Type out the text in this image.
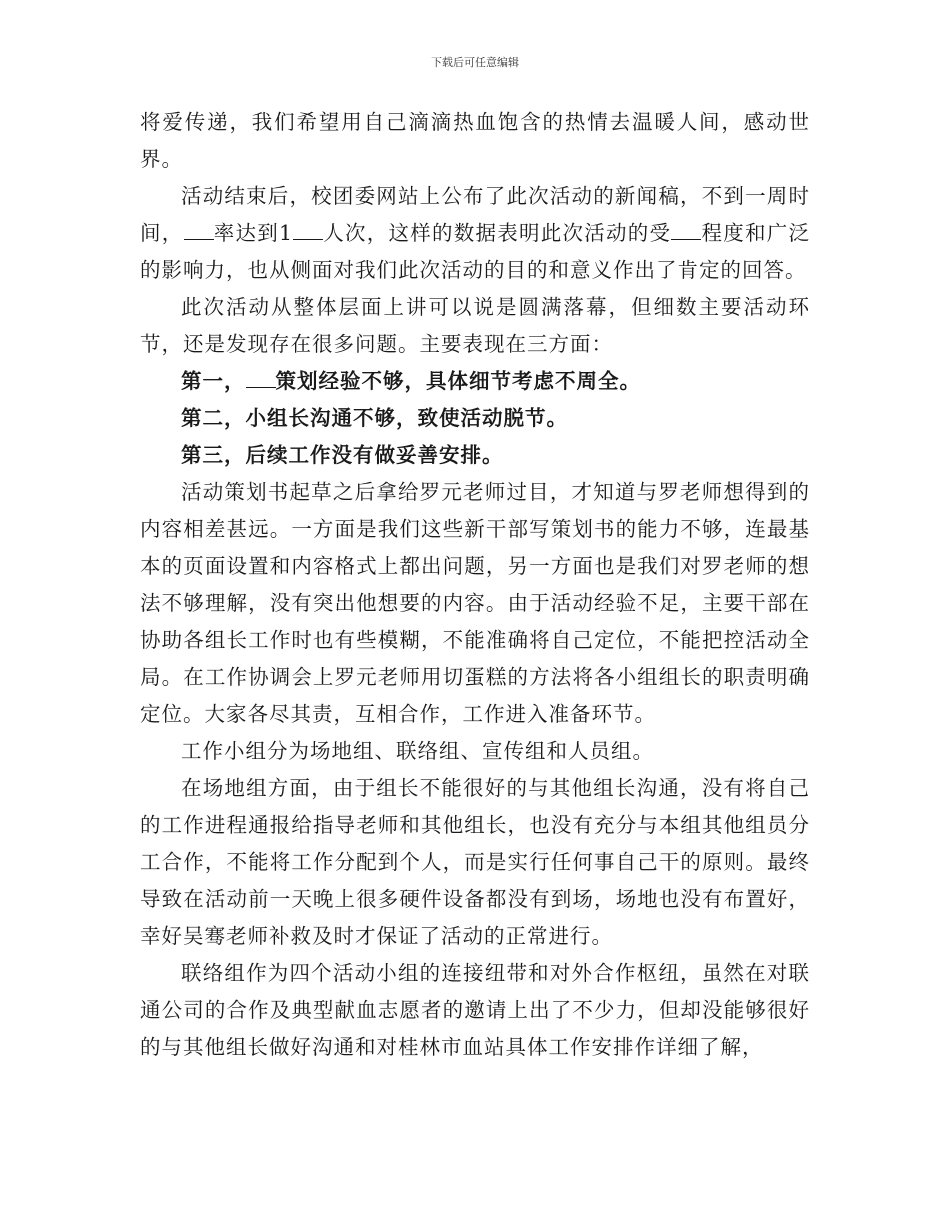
下载后可任意编辑

将爱传递，我们希望用自己滴滴热血饱含的热情去温暖人间，感动世界。

活动结束后，校团委网站上公布了此次活动的新闻稿，不到一周时间， 率达到1 人次，这样的数据表明此次活动的受 程度和广泛的影响力，也从侧面对我们此次活动的目的和意义作出了肯定的回答。

此次活动从整体层面上讲可以说是圆满落幕，但细数主要活动环节，还是发现存在很多问题。主要表现在三方面：

第一， 策划经验不够，具体细节考虑不周全。

第二，小组长沟通不够，致使活动脱节。

第三，后续工作没有做妥善安排。

活动策划书起草之后拿给罗元老师过目，才知道与罗老师想得到的内容相差甚远。一方面是我们这些新干部写策划书的能力不够，连最基本的页面设置和内容格式上都出问题，另一方面也是我们对罗老师的想法不够理解，没有突出他想要的内容。由于活动经验不足，主要干部在协助各组长工作时也有些模糊，不能准确将自己定位，不能把控活动全局。在工作协调会上罗元老师用切蛋糕的方法将各小组组长的职责明确定位。大家各尽其责，互相合作，工作进入准备环节。

工作小组分为场地组、联络组、宣传组和人员组。

在场地组方面，由于组长不能很好的与其他组长沟通，没有将自己的工作进程通报给指导老师和其他组长，也没有充分与本组其他组员分工合作，不能将工作分配到个人，而是实行任何事自己干的原则。最终导致在活动前一天晚上很多硬件设备都没有到场，场地也没有布置好，幸好吴骞老师补救及时才保证了活动的正常进行。

联络组作为四个活动小组的连接纽带和对外合作枢纽，虽然在对联通公司的合作及典型献血志愿者的邀请上出了不少力，但却没能够很好的与其他组长做好沟通和对桂林市血站具体工作安排作详细了解，
